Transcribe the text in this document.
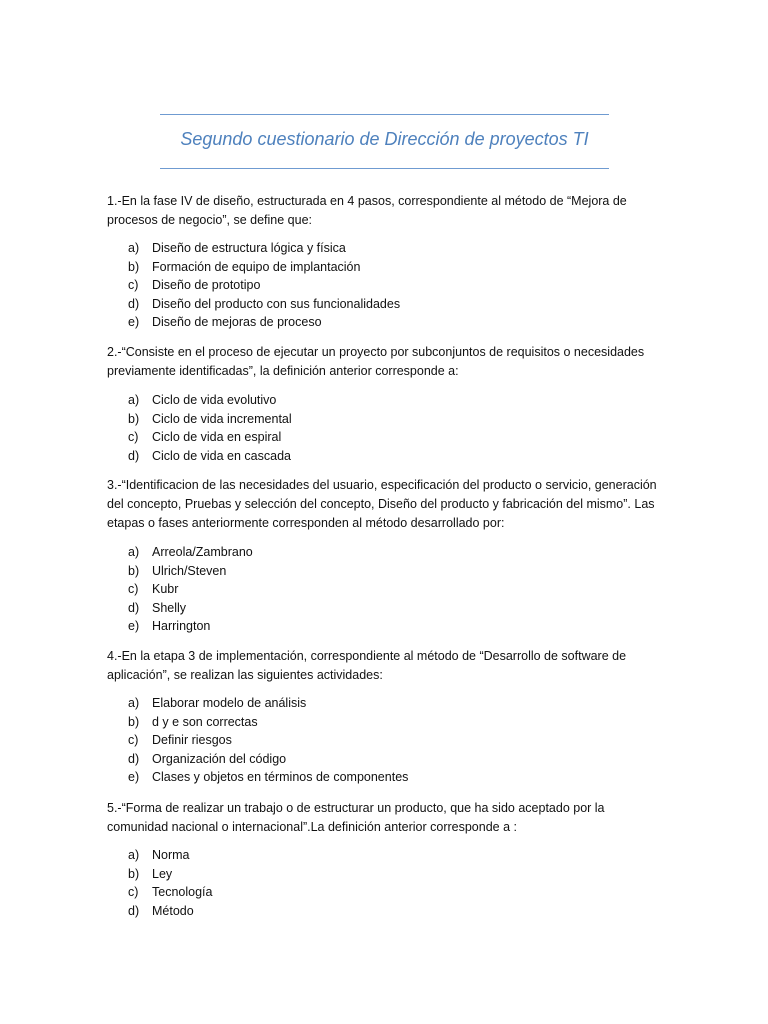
Segundo cuestionario de Dirección de proyectos TI

1.-En la fase IV de diseño, estructurada en 4 pasos, correspondiente al método de “Mejora de procesos de negocio”, se define que:

a)	Diseño de estructura lógica y física
b)	Formación de equipo de implantación
c)	Diseño de prototipo
d)	Diseño del producto con sus funcionalidades
e)	Diseño de mejoras de proceso

2.-“Consiste en el proceso de ejecutar un proyecto por subconjuntos de requisitos o necesidades previamente identificadas”, la definición anterior corresponde a:

a)	Ciclo de vida evolutivo
b)	Ciclo de vida incremental
c)	Ciclo de vida en espiral
d)	Ciclo de vida en cascada

3.-“Identificacion de las necesidades del usuario, especificación del producto o servicio, generación del concepto, Pruebas y selección del concepto, Diseño del producto y fabricación del mismo”. Las etapas o fases anteriormente corresponden al método desarrollado por:

a)	Arreola/Zambrano
b)	Ulrich/Steven
c)	Kubr
d)	Shelly
e)	Harrington

4.-En la etapa 3 de implementación, correspondiente al método de “Desarrollo de software de aplicación”, se realizan las siguientes actividades:

a)	Elaborar modelo de análisis
b)	d y e son correctas
c)	Definir riesgos
d)	Organización del código
e)	Clases y objetos en términos de componentes

5.-“Forma de realizar un trabajo o de estructurar un producto, que ha sido aceptado por la comunidad nacional o internacional”.La definición anterior corresponde a :

a)	Norma
b)	Ley
c)	Tecnología
d)	Método
